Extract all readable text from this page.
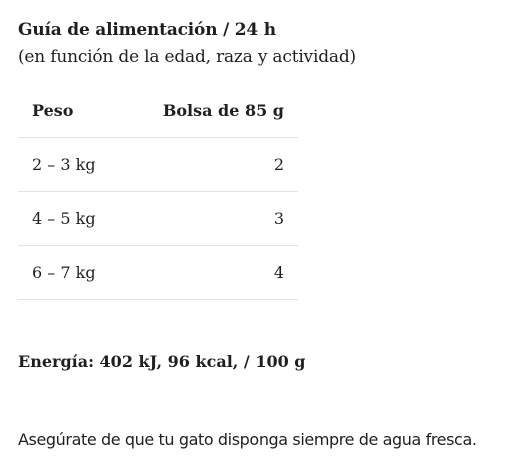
Guía de alimentación / 24 h
(en función de la edad, raza y actividad)
Peso	Bolsa de 85 g
2 – 3 kg	2
4 – 5 kg	3
6 – 7 kg	4
Energía: 402 kJ, 96 kcal, / 100 g
Asegúrate de que tu gato disponga siempre de agua fresca.
